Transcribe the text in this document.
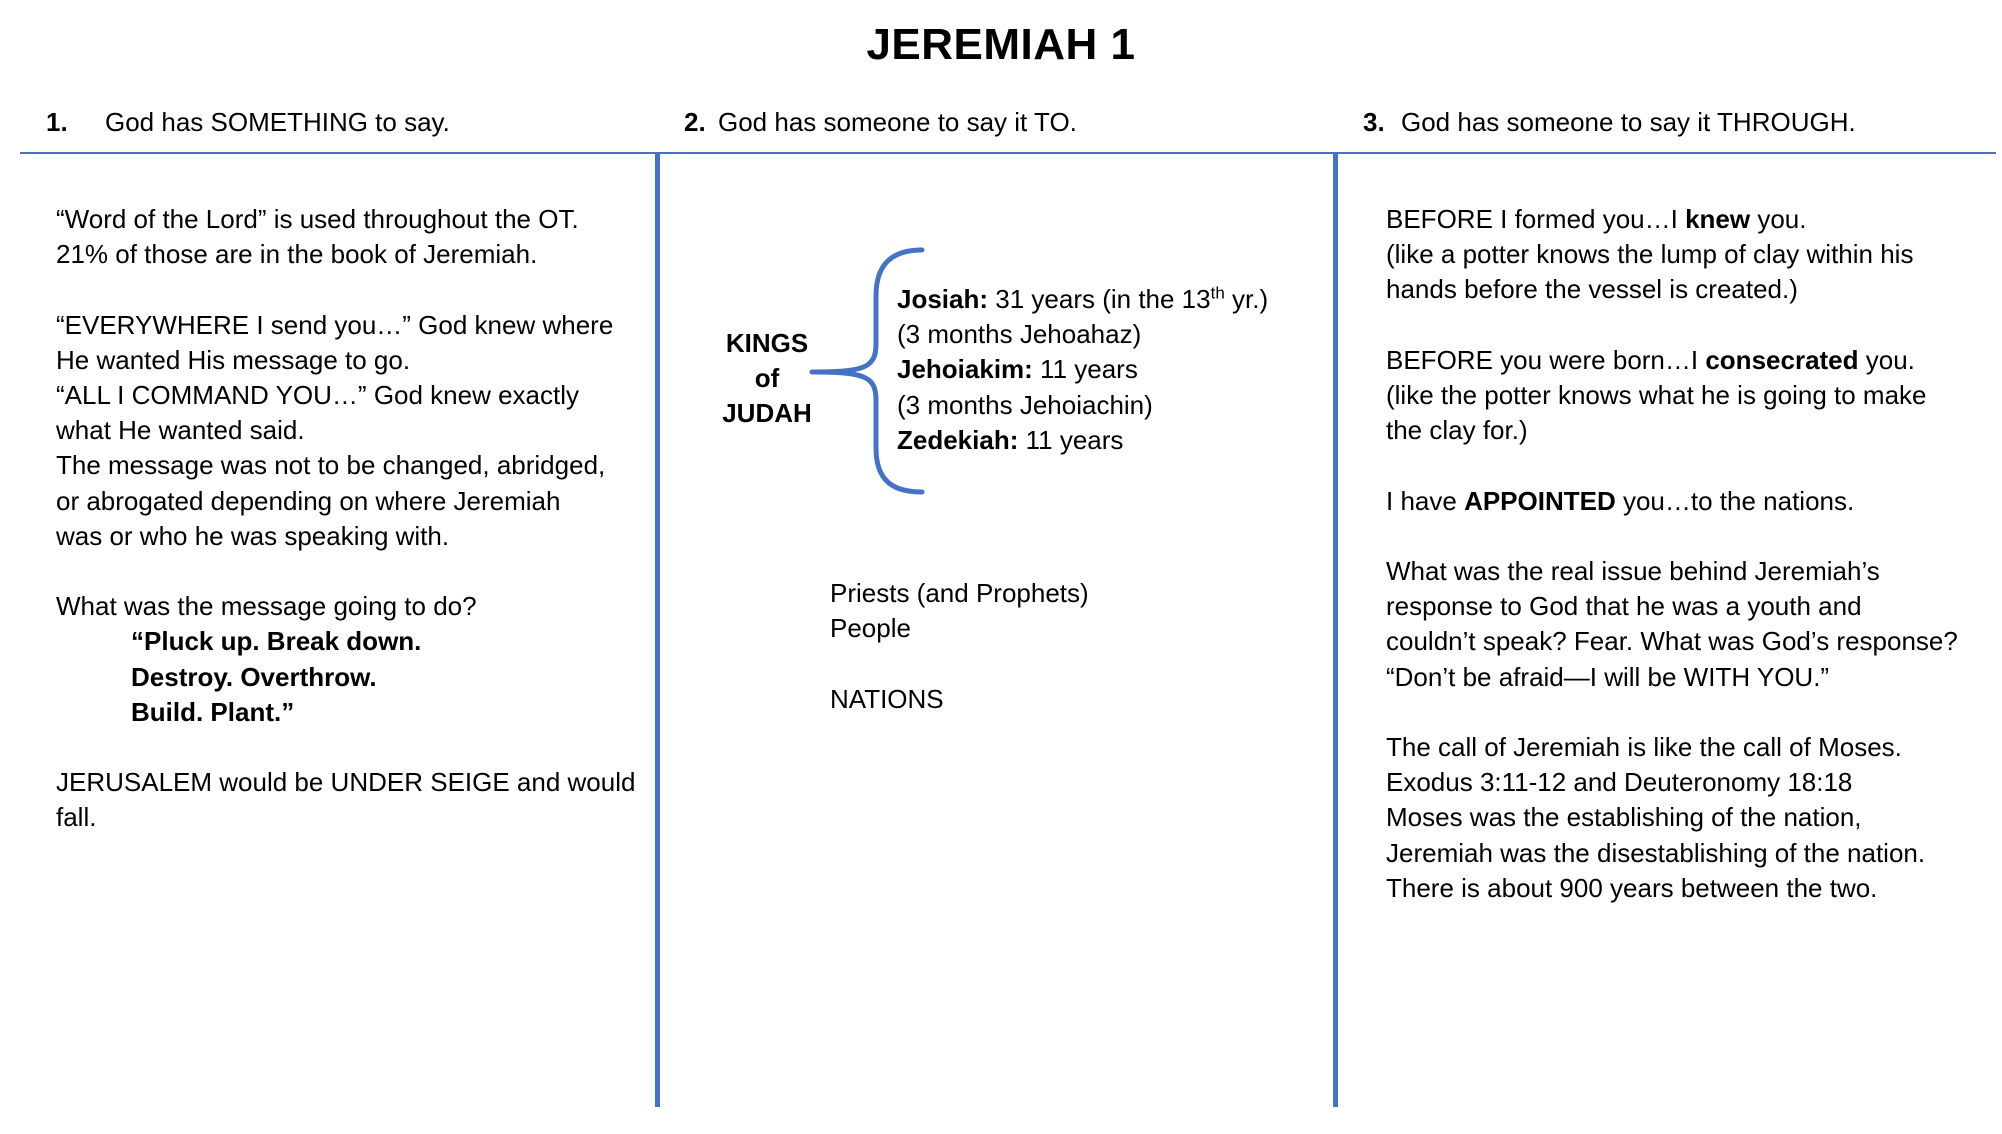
JEREMIAH 1
1. God has SOMETHING to say.	2. God has someone to say it TO.	3. God has someone to say it THROUGH.

“Word of the Lord” is used throughout the OT.

21% of those are in the book of Jeremiah.

“EVERYWHERE I send you…” God knew where

He wanted His message to go.

“ALL I COMMAND YOU…” God knew exactly

what He wanted said.

The message was not to be changed, abridged,

or abrogated depending on where Jeremiah

was or who he was speaking with.

What was the message going to do?

“Pluck up. Break down.

Destroy. Overthrow.

Build. Plant.”

JERUSALEM would be UNDER SEIGE and would

fall.

KINGS
of
JUDAH

Josiah: 31 years (in the 13th yr.)

(3 months Jehoahaz)

Jehoiakim: 11 years

(3 months Jehoiachin)

Zedekiah: 11 years

Priests (and Prophets)

People

NATIONS

BEFORE I formed you…I knew you.

(like a potter knows the lump of clay within his

hands before the vessel is created.)

BEFORE you were born…I consecrated you.

(like the potter knows what he is going to make

the clay for.)

I have APPOINTED you…to the nations.

What was the real issue behind Jeremiah’s

response to God that he was a youth and

couldn’t speak? Fear. What was God’s response?

“Don’t be afraid—I will be WITH YOU.”

The call of Jeremiah is like the call of Moses.

Exodus 3:11-12 and Deuteronomy 18:18

Moses was the establishing of the nation,

Jeremiah was the disestablishing of the nation.

There is about 900 years between the two.
